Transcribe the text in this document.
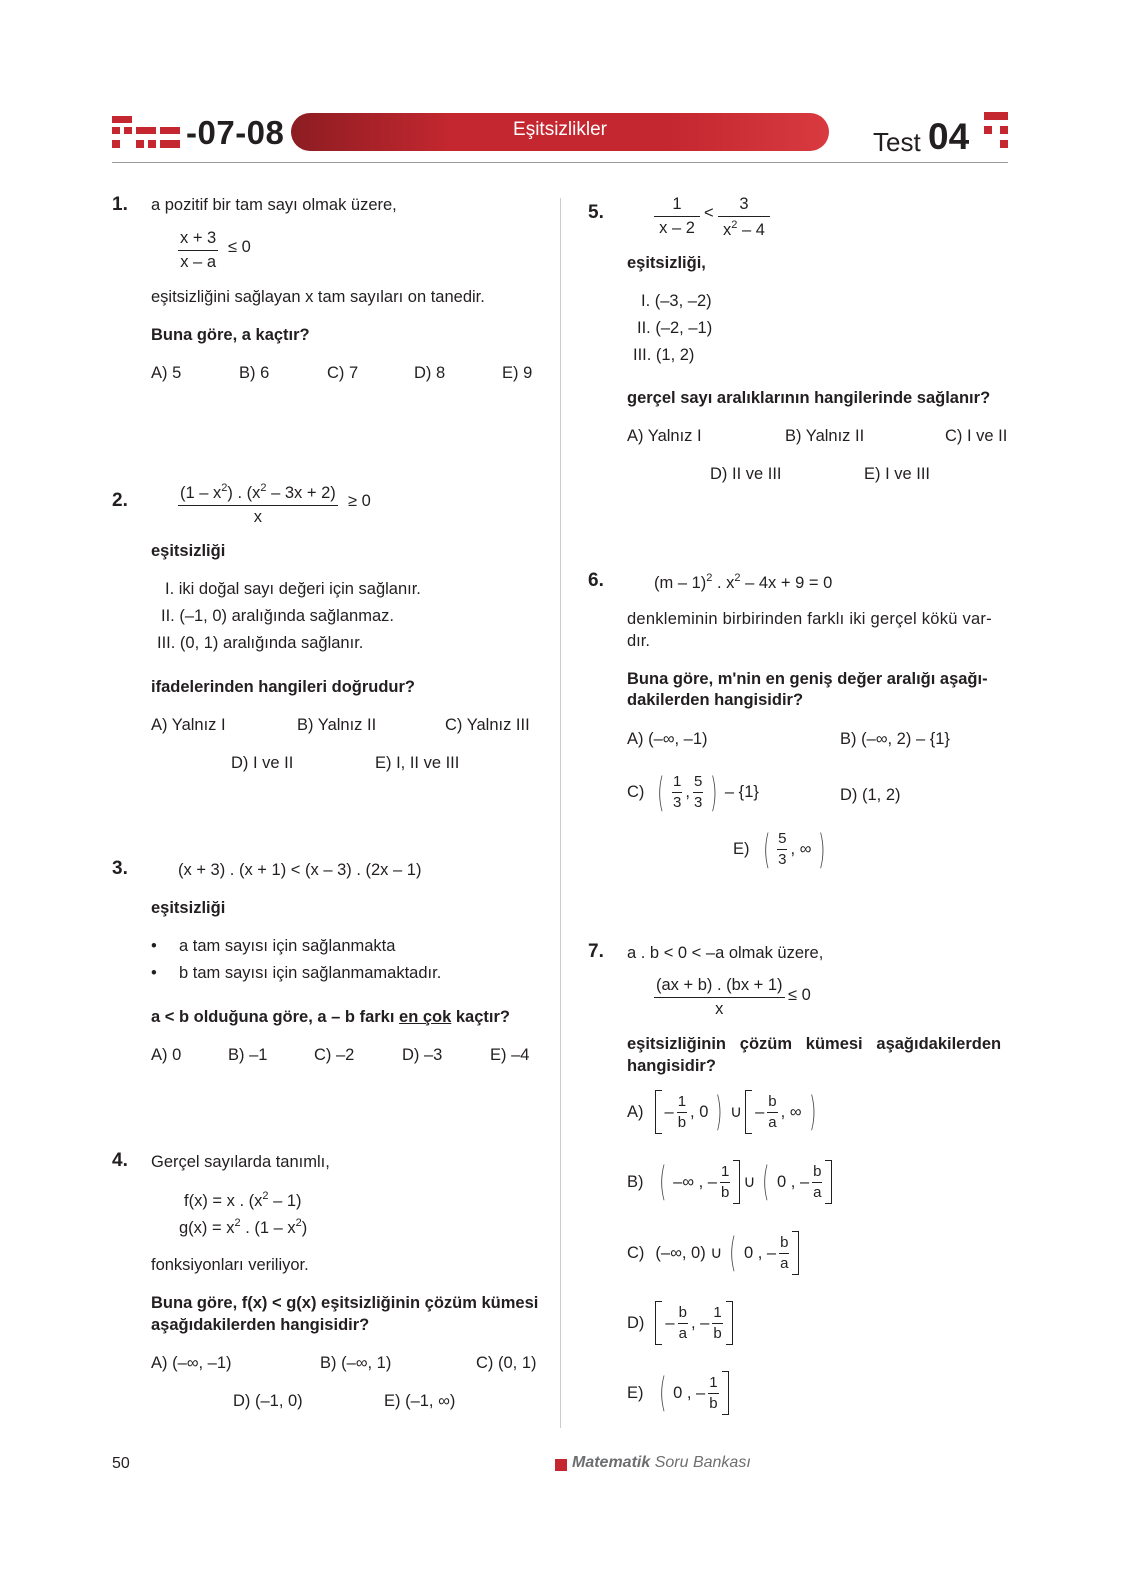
-07-08	Eşitsizlikler	Test 04
1. a pozitif bir tam sayı olmak üzere,
$\frac{x + 3}{x - a} \le 0$
eşitsizliğini sağlayan x tam sayıları on tanedir.
Buna göre, a kaçtır?
A) 5	B) 6	C) 7	D) 8	E) 9
2.	$\frac{(1 - x^2) . (x^2 - 3x + 2)}{x} \ge 0$
eşitsizliği
I. iki doğal sayı değeri için sağlanır.
II. (–1, 0) aralığında sağlanmaz.
III. (0, 1) aralığında sağlanır.
ifadelerinden hangileri doğrudur?
A) Yalnız I	B) Yalnız II	C) Yalnız III
D) I ve II	E) I, II ve III
3.	(x + 3) . (x + 1) < (x – 3) . (2x – 1)
eşitsizliği
• a tam sayısı için sağlanmakta
• b tam sayısı için sağlanmamaktadır.
a < b olduğuna göre, a – b farkı en çok kaçtır?
A) 0	B) –1	C) –2	D) –3	E) –4
4. Gerçel sayılarda tanımlı,
f(x) = x . $(x^2 - 1)$
$g(x) = x^2$ . $(1 - x^2)$
fonksiyonları veriliyor.
Buna göre, f(x) < g(x) eşitsizliğinin çözüm kümesi
aşağıdakilerden hangisidir?
A) (–∞, –1)	B) (–∞, 1)	C) (0, 1)
D) (–1, 0)	E) (–1, ∞)
5.	$\frac{1}{x - 2} < \frac{3}{x^2 - 4}$
eşitsizliği,
I. (–3, –2)
II. (–2, –1)
III. (1, 2)
gerçel sayı aralıklarının hangilerinde sağlanır?
A) Yalnız I	B) Yalnız II	C) I ve II
D) II ve III	E) I ve III
6.	(m – 1)$^2$ . $x^2 - 4x + 9 = 0$
denkleminin birbirinden farklı iki gerçel kökü var-
dır.
Buna göre, m'nin en geniş değer aralığı aşağı-
dakilerden hangisidir?
A) (–∞, –1)	B) (–∞, 2) – {1}
C) ( 1
3
,
5
3 ) – {1}	D) (1, 2)
E) ( 5
3
, ∞ )
7. a . b < 0 < –a olmak üzere,
$\frac{(ax + b) . (bx + 1)}{x} \le 0$
eşitsizliğinin   çözüm   kümesi   aşağıdakilerden
hangisidir?
A) –
1
b
, 0 ) ∪ –
b
a
, ∞ )
B) ( –∞ , –
1
b
∪ ( 0 , –
b
a
C) (–∞, 0) ∪ ( 0 , –
b
a
D) –
b
a
, –
1
b
E) ( 0 , –
1
b
50	Matematik Soru Bankası
